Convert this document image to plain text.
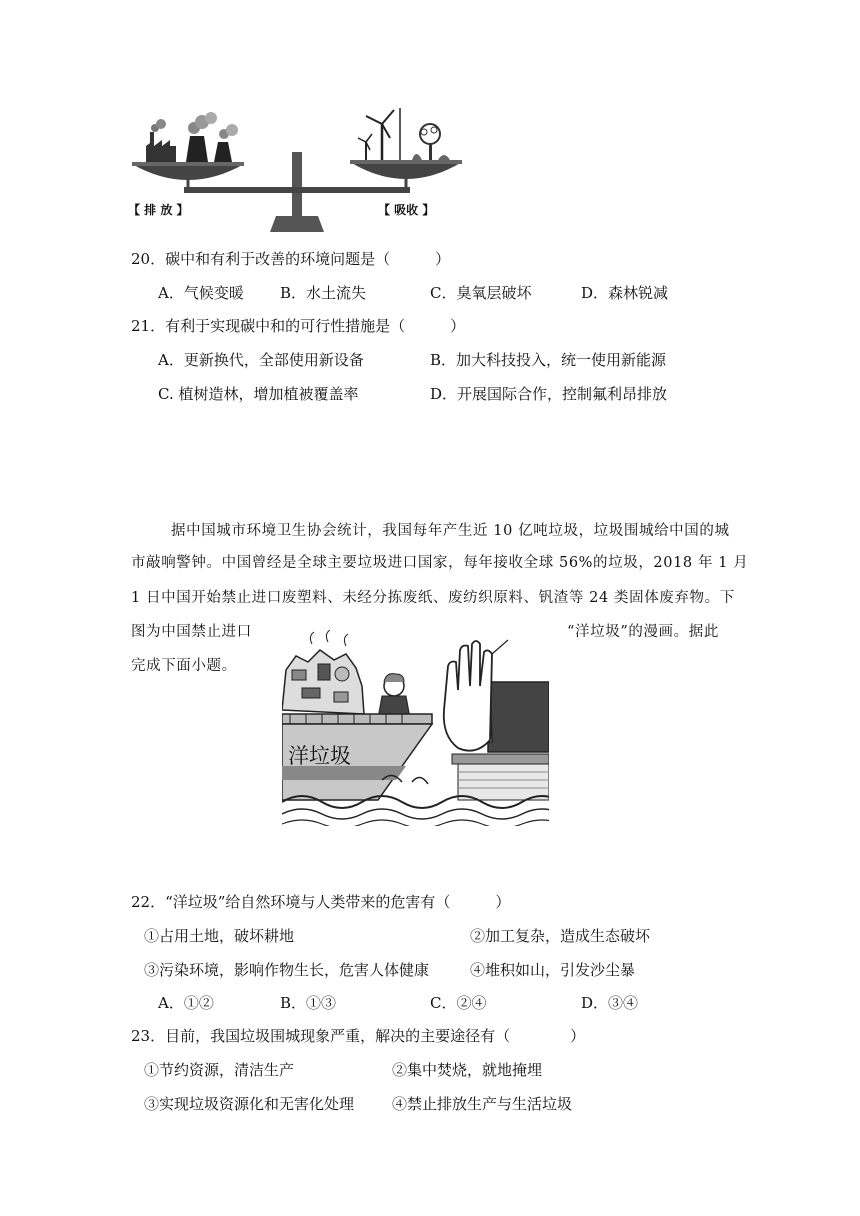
【 排 放 】	【 吸收 】
20．碳中和有利于改善的环境问题是（　　　）
A．气候变暖 B．水土流失	C．臭氧层破坏	D．森林锐减
21．有利于实现碳中和的可行性措施是（　　　）
A．更新换代，全部使用新设备	B．加大科技投入，统一使用新能源
C. 植树造林，增加植被覆盖率	D．开展国际合作，控制氟利昂排放
据中国城市环境卫生协会统计，我国每年产生近 10 亿吨垃圾，垃圾围城给中国的城
市敲响警钟。中国曾经是全球主要垃圾进口国家，每年接收全球 56%的垃圾，2018 年 1 月
1 日中国开始禁止进口废塑料、未经分拣废纸、废纺织原料、钒渣等 24 类固体废弃物。下
图为中国禁止进口	“洋垃圾”的漫画。据此
完成下面小题。
洋垃圾
22．“洋垃圾”给自然环境与人类带来的危害有（　　　）
①占用土地，破坏耕地	②加工复杂，造成生态破坏
③污染环境，影响作物生长，危害人体健康	④堆积如山，引发沙尘暴
A．①②	B．①③	C．②④	D．③④
23．目前，我国垃圾围城现象严重，解决的主要途径有（　　　　）
①节约资源，清洁生产	②集中焚烧，就地掩埋
③实现垃圾资源化和无害化处理	④禁止排放生产与生活垃圾
